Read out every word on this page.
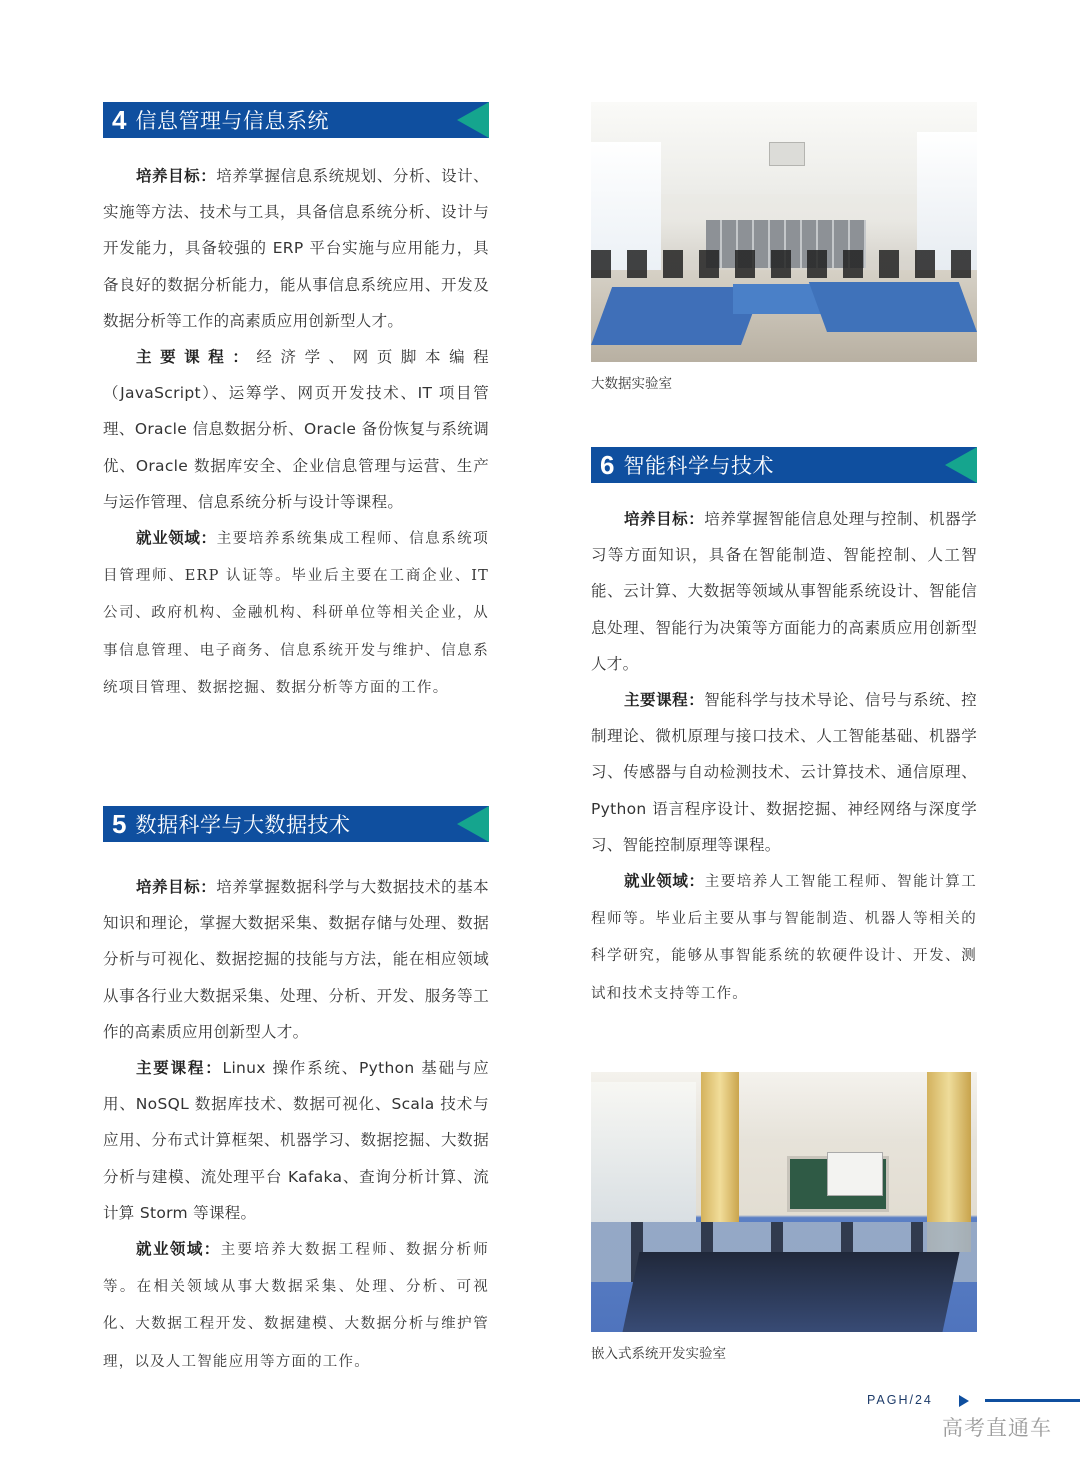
4 信息管理与信息系统

培养目标：培养掌握信息系统规划、分析、设计、实施等方法、技术与工具，具备信息系统分析、设计与开发能力，具备较强的 ERP 平台实施与应用能力，具备良好的数据分析能力，能从事信息系统应用、开发及数据分析等工作的高素质应用创新型人才。

主要课程：经济学、网页脚本编程（JavaScript）、运筹学、网页开发技术、IT 项目管理、Oracle 信息数据分析、Oracle 备份恢复与系统调优、Oracle 数据库安全、企业信息管理与运营、生产与运作管理、信息系统分析与设计等课程。

就业领域：主要培养系统集成工程师、信息系统项目管理师、ERP 认证等。毕业后主要在工商企业、IT 公司、政府机构、金融机构、科研单位等相关企业，从事信息管理、电子商务、信息系统开发与维护、信息系统项目管理、数据挖掘、数据分析等方面的工作。

5 数据科学与大数据技术

培养目标：培养掌握数据科学与大数据技术的基本知识和理论，掌握大数据采集、数据存储与处理、数据分析与可视化、数据挖掘的技能与方法，能在相应领域从事各行业大数据采集、处理、分析、开发、服务等工作的高素质应用创新型人才。

主要课程：Linux 操作系统、Python 基础与应用、NoSQL 数据库技术、数据可视化、Scala 技术与应用、分布式计算框架、机器学习、数据挖掘、大数据分析与建模、流处理平台 Kafaka、查询分析计算、流计算 Storm 等课程。

就业领域：主要培养大数据工程师、数据分析师等。在相关领域从事大数据采集、处理、分析、可视化、大数据工程开发、数据建模、大数据分析与维护管理，以及人工智能应用等方面的工作。

大数据实验室
6 智能科学与技术

培养目标：培养掌握智能信息处理与控制、机器学习等方面知识，具备在智能制造、智能控制、人工智能、云计算、大数据等领域从事智能系统设计、智能信息处理、智能行为决策等方面能力的高素质应用创新型人才。

主要课程：智能科学与技术导论、信号与系统、控制理论、微机原理与接口技术、人工智能基础、机器学习、传感器与自动检测技术、云计算技术、通信原理、Python 语言程序设计、数据挖掘、神经网络与深度学习、智能控制原理等课程。

就业领域：主要培养人工智能工程师、智能计算工程师等。毕业后主要从事与智能制造、机器人等相关的科学研究，能够从事智能系统的软硬件设计、开发、测试和技术支持等工作。

嵌入式系统开发实验室
PAGH/24
高考直通车
